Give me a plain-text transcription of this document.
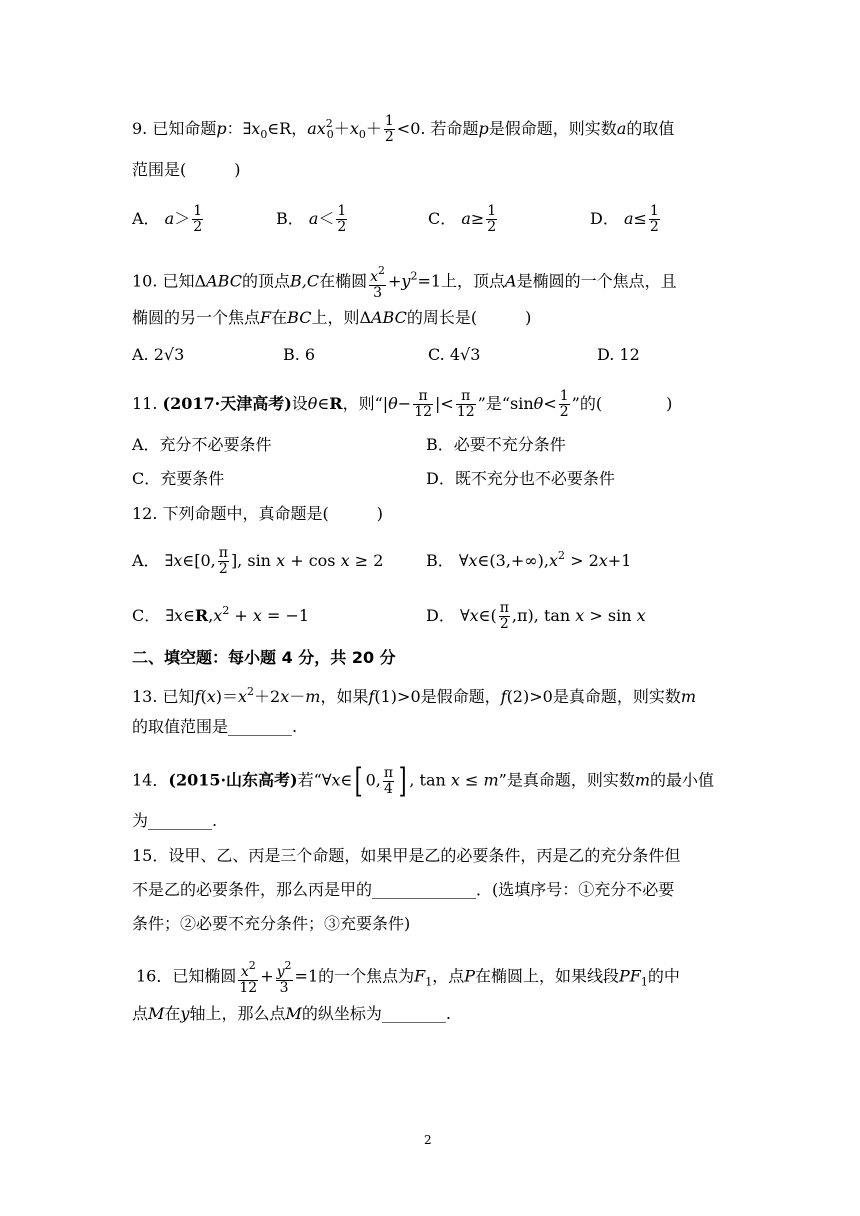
9. 已知命题p：$\exists x_0\in R$，$ax^2_0+x_0+ \frac{1}{2} <0$. 若命题p是假命题，则实数a的取值
范围是(　　　)
A． $a> \frac{1}{2}$	B． $a< \frac{1}{2}$	C． $a\ge \frac{1}{2}$	D． $a\le \frac{1}{2}$
10. 已知ΔABC的顶点B,C在椭圆 $\frac{x^2}{3} +y^2=1$上，顶点A是椭圆的一个焦点，且
椭圆的另一个焦点F在BC上，则ΔABC的周长是(　　　)
A. 2√3	B. 6	C. 4√3	D. 12
11. (2017·天津高考)设θ∈R，则“$|\theta- \frac{\pi}{12}$ |< $\frac{\pi}{12}$ ”是“$\sin\theta< \frac{1}{2}$ ”的(　　　　)
A．充分不必要条件	B．必要不充分条件
C．充要条件	D．既不充分也不必要条件
12. 下列命题中，真命题是(　　　)
A． ∃x∈[0, $\frac{\pi}{2}$ ], sin x + cos x ≥ 2	B． $\forall x\in(3,+\infty),x^2 > 2x+1$
C． $\exists x\in R,x^2 + x = -1$	D． ∀x∈( $\frac{\pi}{2} ,\pi$), tan x > sin x
二、填空题：每小题 4 分，共 20 分
13. 已知$f(x)=x^2+2x-m$，如果f(1)>0是假命题，f(2)>0是真命题，则实数m
的取值范围是________.
14．(2015·山东高考)若“∀x∈[ 0, $\frac{\pi}{4}$ ] , tan x ≤ m”是真命题，则实数m的最小值
为________.
15．设甲、乙、丙是三个命题，如果甲是乙的必要条件，丙是乙的充分条件但
不是乙的必要条件，那么丙是甲的_____________．(选填序号：①充分不必要
条件；②必要不充分条件；③充要条件)
16．已知椭圆 $\frac{x^2}{12} + \frac{y^2}{3} =1$的一个焦点为$F_1$，点P在椭圆上，如果线段$PF_1$的中
点M在y轴上，那么点M的纵坐标为________.
2
